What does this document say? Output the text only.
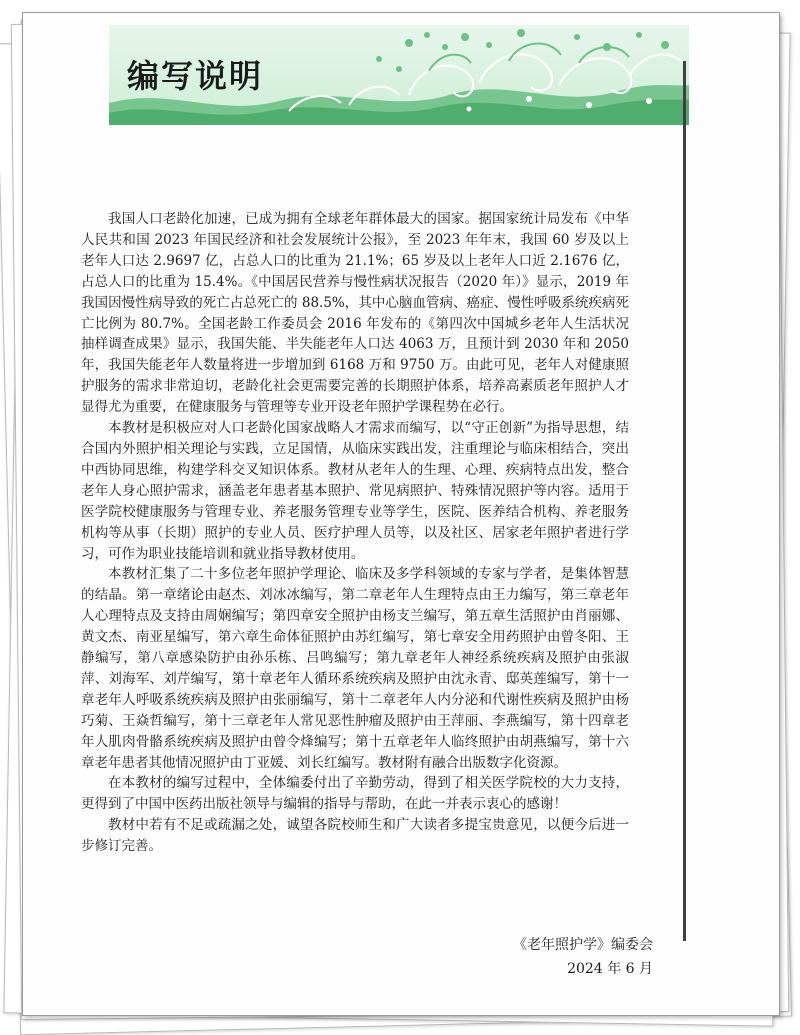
编写说明

我国人口老龄化加速，已成为拥有全球老年群体最大的国家。据国家统计局发布《中华人民共和国 2023 年国民经济和社会发展统计公报》，至 2023 年年末，我国 60 岁及以上老年人口达 2.9697 亿，占总人口的比重为 21.1%；65 岁及以上老年人口近 2.1676 亿，占总人口的比重为 15.4%。《中国居民营养与慢性病状况报告（2020 年）》显示，2019 年我国因慢性病导致的死亡占总死亡的 88.5%，其中心脑血管病、癌症、慢性呼吸系统疾病死亡比例为 80.7%。全国老龄工作委员会 2016 年发布的《第四次中国城乡老年人生活状况抽样调查成果》显示，我国失能、半失能老年人口达 4063 万，且预计到 2030 年和 2050 年，我国失能老年人数量将进一步增加到 6168 万和 9750 万。由此可见，老年人对健康照护服务的需求非常迫切，老龄化社会更需要完善的长期照护体系，培养高素质老年照护人才显得尤为重要，在健康服务与管理等专业开设老年照护学课程势在必行。

本教材是积极应对人口老龄化国家战略人才需求而编写，以“守正创新”为指导思想，结合国内外照护相关理论与实践，立足国情，从临床实践出发，注重理论与临床相结合，突出中西协同思维，构建学科交叉知识体系。教材从老年人的生理、心理、疾病特点出发，整合老年人身心照护需求，涵盖老年患者基本照护、常见病照护、特殊情况照护等内容。适用于医学院校健康服务与管理专业、养老服务管理专业等学生，医院、医养结合机构、养老服务机构等从事（长期）照护的专业人员、医疗护理人员等，以及社区、居家老年照护者进行学习，可作为职业技能培训和就业指导教材使用。

本教材汇集了二十多位老年照护学理论、临床及多学科领域的专家与学者，是集体智慧的结晶。第一章绪论由赵杰、刘冰冰编写，第二章老年人生理特点由王力编写，第三章老年人心理特点及支持由周娴编写；第四章安全照护由杨支兰编写，第五章生活照护由肖丽娜、黄文杰、南亚星编写，第六章生命体征照护由苏红编写，第七章安全用药照护由曾冬阳、王静编写，第八章感染防护由孙乐栋、吕鸣编写；第九章老年人神经系统疾病及照护由张淑萍、刘海军、刘芹编写，第十章老年人循环系统疾病及照护由沈永青、邸英莲编写，第十一章老年人呼吸系统疾病及照护由张丽编写，第十二章老年人内分泌和代谢性疾病及照护由杨巧菊、王焱哲编写，第十三章老年人常见恶性肿瘤及照护由王萍丽、李燕编写，第十四章老年人肌肉骨骼系统疾病及照护由曾令烽编写；第十五章老年人临终照护由胡燕编写，第十六章老年患者其他情况照护由丁亚媛、刘长红编写。教材附有融合出版数字化资源。

在本教材的编写过程中，全体编委付出了辛勤劳动，得到了相关医学院校的大力支持，更得到了中国中医药出版社领导与编辑的指导与帮助，在此一并表示衷心的感谢！

教材中若有不足或疏漏之处，诚望各院校师生和广大读者多提宝贵意见，以便今后进一步修订完善。

《老年照护学》编委会
2024 年 6 月
